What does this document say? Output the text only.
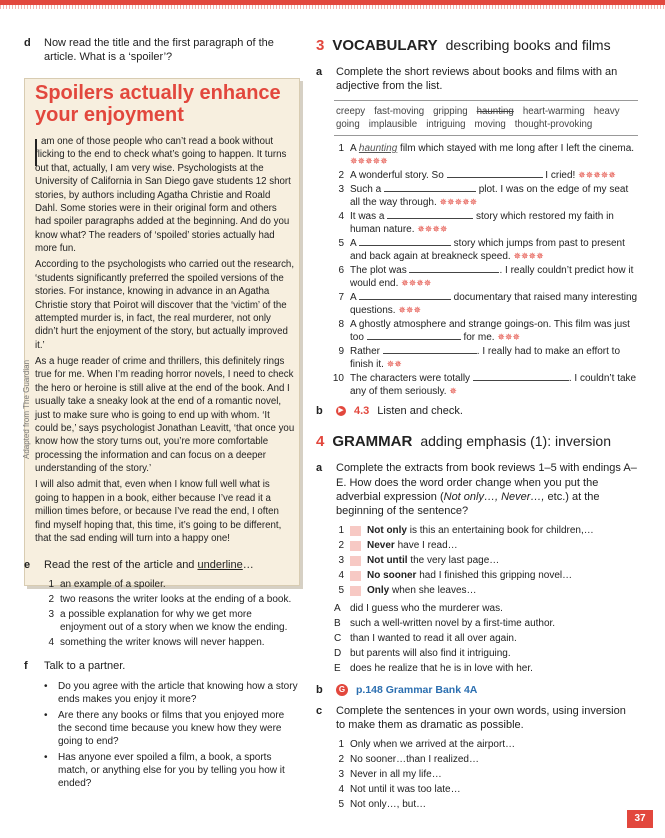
d	Now read the title and the first paragraph of the article. What is a ‘spoiler’?
Spoilers actually enhance your enjoyment

am one of those people who can’t read a book without flicking to the end to check what’s going to happen. It turns out that, actually, I am very wise. Psychologists at the University of California in San Diego gave students 12 short stories, by authors including Agatha Christie and Roald Dahl. Some stories were in their original form and others had spoiler paragraphs added at the beginning. And do you know what? The readers of ‘spoiled’ stories actually had more fun.

According to the psychologists who carried out the research, ‘students significantly preferred the spoiled versions of the stories. For instance, knowing in advance in an Agatha Christie story that Poirot will discover that the ‘victim’ of the attempted murder is, in fact, the real murderer, not only didn’t hurt the enjoyment of the story, but actually improved it.’

As a huge reader of crime and thrillers, this definitely rings true for me. When I’m reading horror novels, I need to check the hero or heroine is still alive at the end of the book. And I usually take a sneaky look at the end of a romantic novel, just to make sure who is going to end up with whom. ‘It could be,’ says psychologist Jonathan Leavitt, ‘that once you know how the story turns out, you’re more comfortable processing the information and can focus on a deeper understanding of the story.’

I will also admit that, even when I know full well what is going to happen in a book, either because I’ve read it a million times before, or because I’ve read the end, I often find myself hoping that, this time, it’s going to be different, that the sad ending will turn into a happy one!

Adapted from The Guardian
e	Read the rest of the article and underline…
1 an example of a spoiler.
2 two reasons the writer looks at the ending of a book.
3 a possible explanation for why we get more enjoyment out of a story when we know the ending.
4 something the writer knows will never happen.
f	Talk to a partner.
• Do you agree with the article that knowing how a story ends makes you enjoy it more?
• Are there any books or films that you enjoyed more the second time because you knew how they were going to end?
• Has anyone ever spoiled a film, a book, a sports match, or anything else for you by telling you how it ended?
3 VOCABULARY describing books and films
a	Complete the short reviews about books and films with an adjective from the list.
creepy fast-moving gripping haunting heart-warming heavy going implausible intriguing moving thought-provoking
1 A haunting film which stayed with me long after I left the cinema. ✵✵✵✵✵
2 A wonderful story. So	I cried! ✵✵✵✵✵
3 Such a	plot. I was on the edge of my seat all the way through. ✵✵✵✵✵
4 It was a	story which restored my faith in human nature. ✵✵✵✵
5 A	story which jumps from past to present and back again at breakneck speed. ✵✵✵✵
6 The plot was	. I really couldn’t predict how it would end. ✵✵✵✵
7 A	documentary that raised many interesting questions. ✵✵✵
8 A ghostly atmosphere and strange goings-on. This film was just too	for me. ✵✵✵
9 Rather	. I really had to make an effort to finish it. ✵✵
10 The characters were totally	. I couldn’t take any of them seriously. ✵
b	▶ 4.3 Listen and check.
4 GRAMMAR adding emphasis (1): inversion
a	Complete the extracts from book reviews 1–5 with endings A–E. How does the word order change when you put the adverbial expression (Not only…, Never…, etc.) at the beginning of the sentence?
1 Not only is this an entertaining book for children,…
2 Never have I read…
3 Not until the very last page…
4 No sooner had I finished this gripping novel…
5 Only when she leaves…
A did I guess who the murderer was.
B such a well-written novel by a first-time author.
C than I wanted to read it all over again.
D but parents will also find it intriguing.
E does he realize that he is in love with her.
b	G p.148 Grammar Bank 4A
c	Complete the sentences in your own words, using inversion to make them as dramatic as possible.
1 Only when we arrived at the airport…
2 No sooner…than I realized…
3 Never in all my life…
4 Not until it was too late…
5 Not only…, but…
37
